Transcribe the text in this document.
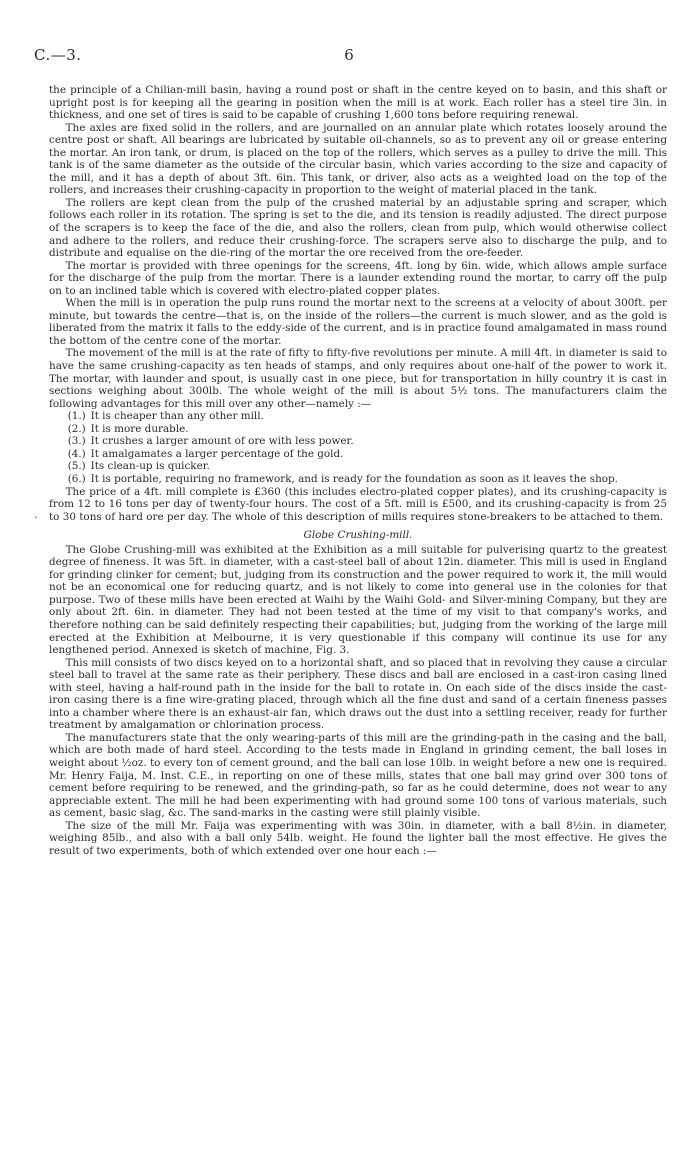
C.—3.	6
-

the principle of a Chilian-mill basin, having a round post or shaft in the centre keyed on to basin, and this shaft or upright post is for keeping all the gearing in position when the mill is at work. Each roller has a steel tire 3in. in thickness, and one set of tires is said to be capable of crushing 1,600 tons before requiring renewal.

The axles are fixed solid in the rollers, and are journalled on an annular plate which rotates loosely around the centre post or shaft. All bearings are lubricated by suitable oil-channels, so as to prevent any oil or grease entering the mortar. An iron tank, or drum, is placed on the top of the rollers, which serves as a pulley to drive the mill. This tank is of the same diameter as the outside of the circular basin, which varies according to the size and capacity of the mill, and it has a depth of about 3ft. 6in. This tank, or driver, also acts as a weighted load on the top of the rollers, and increases their crushing-capacity in proportion to the weight of material placed in the tank.

The rollers are kept clean from the pulp of the crushed material by an adjustable spring and scraper, which follows each roller in its rotation. The spring is set to the die, and its tension is readily adjusted. The direct purpose of the scrapers is to keep the face of the die, and also the rollers, clean from pulp, which would otherwise collect and adhere to the rollers, and reduce their crushing-force. The scrapers serve also to discharge the pulp, and to distribute and equalise on the die-ring of the mortar the ore received from the ore-feeder.

The mortar is provided with three openings for the screens, 4ft. long by 6in. wide, which allows ample surface for the discharge of the pulp from the mortar. There is a launder extending round the mortar, to carry off the pulp on to an inclined table which is covered with electro-plated copper plates.

When the mill is in operation the pulp runs round the mortar next to the screens at a velocity of about 300ft. per minute, but towards the centre—that is, on the inside of the rollers—the current is much slower, and as the gold is liberated from the matrix it falls to the eddy-side of the current, and is in practice found amalgamated in mass round the bottom of the centre cone of the mortar.

The movement of the mill is at the rate of fifty to fifty-five revolutions per minute. A mill 4ft. in diameter is said to have the same crushing-capacity as ten heads of stamps, and only requires about one-half of the power to work it. The mortar, with launder and spout, is usually cast in one piece, but for transportation in hilly country it is cast in sections weighing about 300lb. The whole weight of the mill is about 5½ tons. The manufacturers claim the following advantages for this mill over any other—namely :—

(1.) It is cheaper than any other mill.
(2.) It is more durable.
(3.) It crushes a larger amount of ore with less power.
(4.) It amalgamates a larger percentage of the gold.
(5.) Its clean-up is quicker.
(6.) It is portable, requiring no framework, and is ready for the foundation as soon as it leaves the shop.

The price of a 4ft. mill complete is £360 (this includes electro-plated copper plates), and its crushing-capacity is from 12 to 16 tons per day of twenty-four hours. The cost of a 5ft. mill is £500, and its crushing-capacity is from 25 to 30 tons of hard ore per day. The whole of this description of mills requires stone-breakers to be attached to them.

Globe Crushing-mill.

The Globe Crushing-mill was exhibited at the Exhibition as a mill suitable for pulverising quartz to the greatest degree of fineness. It was 5ft. in diameter, with a cast-steel ball of about 12in. diameter. This mill is used in England for grinding clinker for cement; but, judging from its construction and the power required to work it, the mill would not be an economical one for reducing quartz, and is not likely to come into general use in the colonies for that purpose. Two of these mills have been erected at Waihi by the Waihi Gold- and Silver-mining Company, but they are only about 2ft. 6in. in diameter. They had not been tested at the time of my visit to that company's works, and therefore nothing can be said definitely respecting their capabilities; but, judging from the working of the large mill erected at the Exhibition at Melbourne, it is very questionable if this company will continue its use for any lengthened period. Annexed is sketch of machine, Fig. 3.

This mill consists of two discs keyed on to a horizontal shaft, and so placed that in revolving they cause a circular steel ball to travel at the same rate as their periphery. These discs and ball are enclosed in a cast-iron casing lined with steel, having a half-round path in the inside for the ball to rotate in. On each side of the discs inside the cast-iron casing there is a fine wire-grating placed, through which all the fine dust and sand of a certain fineness passes into a chamber where there is an exhaust-air fan, which draws out the dust into a settling receiver, ready for further treatment by amalgamation or chlorination process.

The manufacturers state that the only wearing-parts of this mill are the grinding-path in the casing and the ball, which are both made of hard steel. According to the tests made in England in grinding cement, the ball loses in weight about ½oz. to every ton of cement ground, and the ball can lose 10lb. in weight before a new one is required. Mr. Henry Faija, M. Inst. C.E., in reporting on one of these mills, states that one ball may grind over 300 tons of cement before requiring to be renewed, and the grinding-path, so far as he could determine, does not wear to any appreciable extent. The mill he had been experimenting with had ground some 100 tons of various materials, such as cement, basic slag, &c. The sand-marks in the casting were still plainly visible.

The size of the mill Mr. Faija was experimenting with was 30in. in diameter, with a ball 8½in. in diameter, weighing 85lb., and also with a ball only 54lb. weight. He found the lighter ball the most effective. He gives the result of two experiments, both of which extended over one hour each :—
